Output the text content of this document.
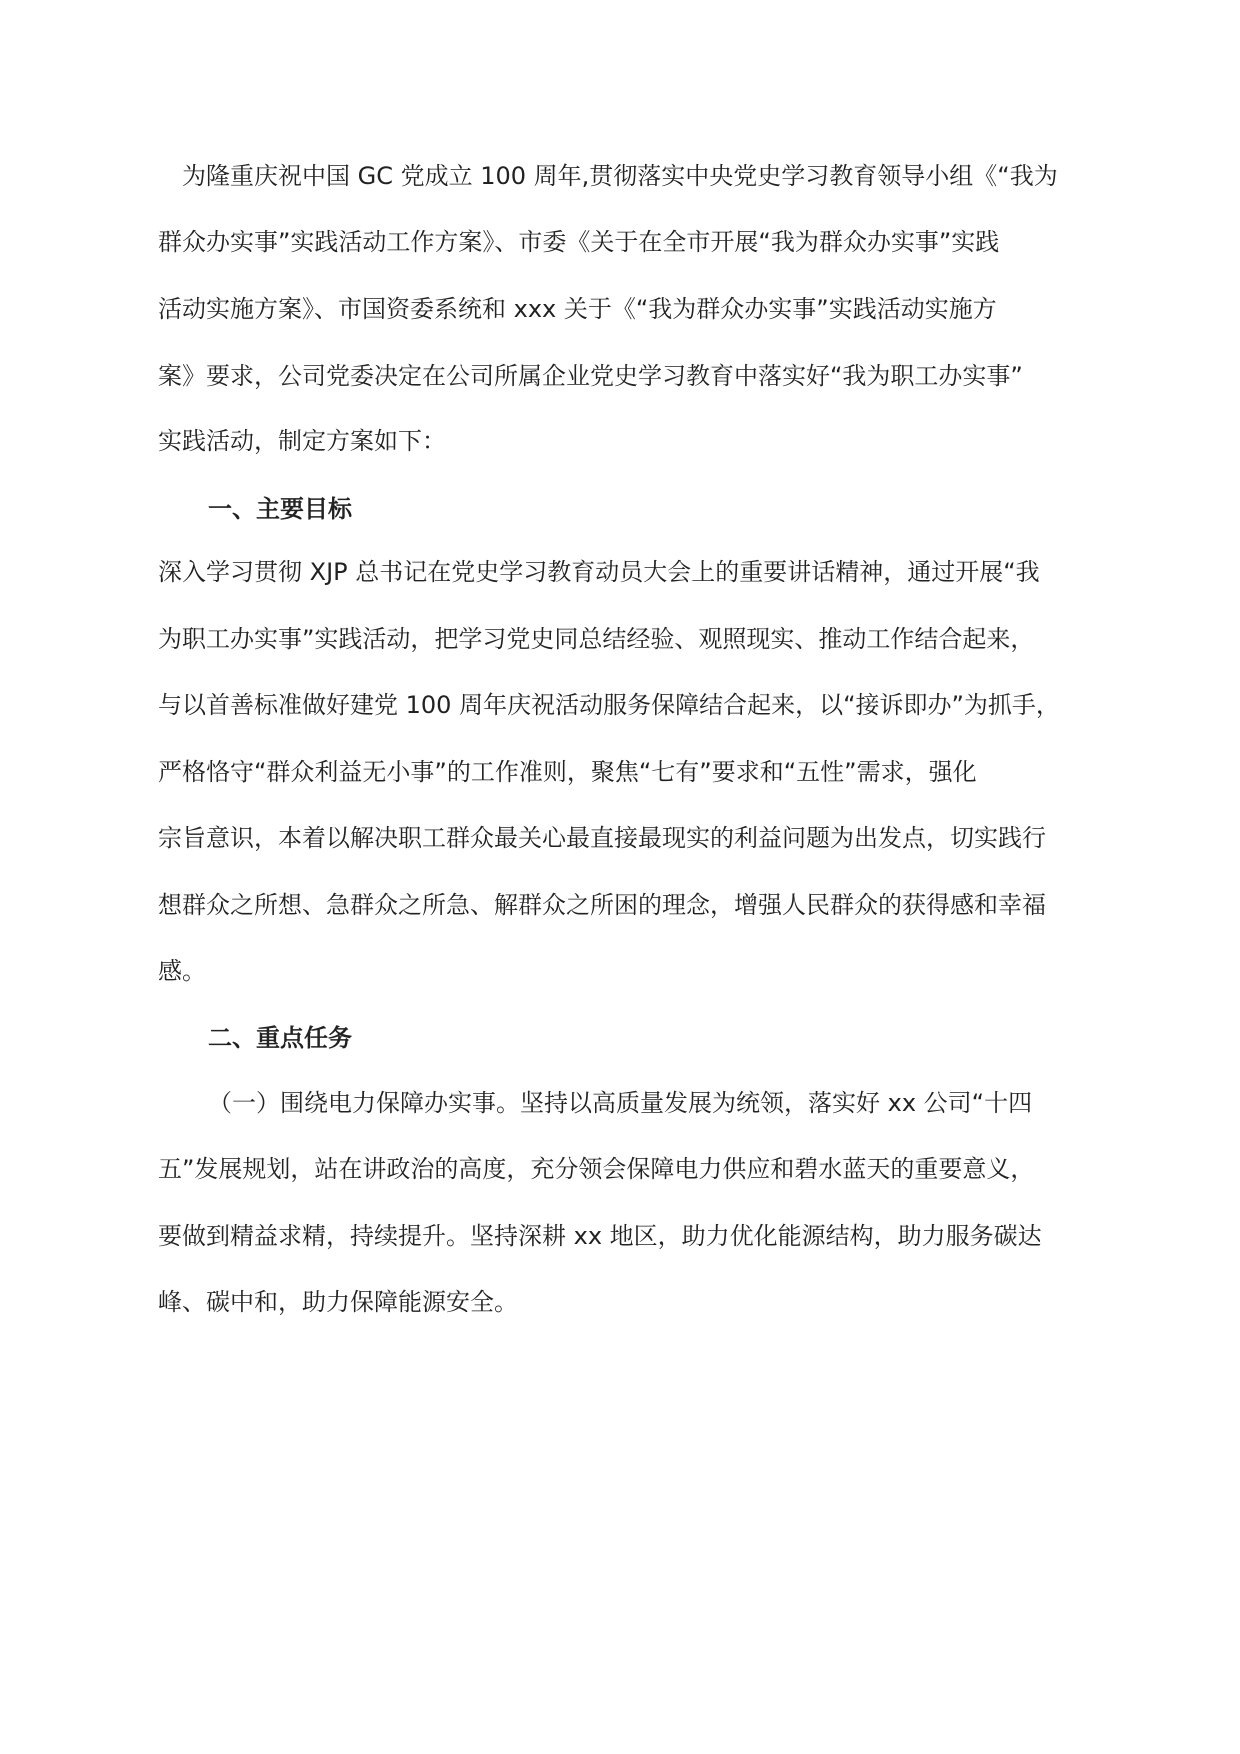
为隆重庆祝中国 GC 党成立 100 周年,贯彻落实中央党史学习教育领导小组《“我为
群众办实事”实践活动工作方案》、市委《关于在全市开展“我为群众办实事”实践
活动实施方案》、市国资委系统和 xxx 关于《“我为群众办实事”实践活动实施方
案》要求，公司党委决定在公司所属企业党史学习教育中落实好“我为职工办实事”
实践活动，制定方案如下：
一、主要目标
深入学习贯彻 XJP 总书记在党史学习教育动员大会上的重要讲话精神，通过开展“我
为职工办实事”实践活动，把学习党史同总结经验、观照现实、推动工作结合起来，
与以首善标准做好建党 100 周年庆祝活动服务保障结合起来，以“接诉即办”为抓手，
严格恪守“群众利益无小事”的工作准则，聚焦“七有”要求和“五性”需求，强化
宗旨意识，本着以解决职工群众最关心最直接最现实的利益问题为出发点，切实践行
想群众之所想、急群众之所急、解群众之所困的理念，增强人民群众的获得感和幸福
感。
二、重点任务
（一）围绕电力保障办实事。坚持以高质量发展为统领，落实好 xx 公司“十四
五”发展规划，站在讲政治的高度，充分领会保障电力供应和碧水蓝天的重要意义，
要做到精益求精，持续提升。坚持深耕 xx 地区，助力优化能源结构，助力服务碳达
峰、碳中和，助力保障能源安全。
